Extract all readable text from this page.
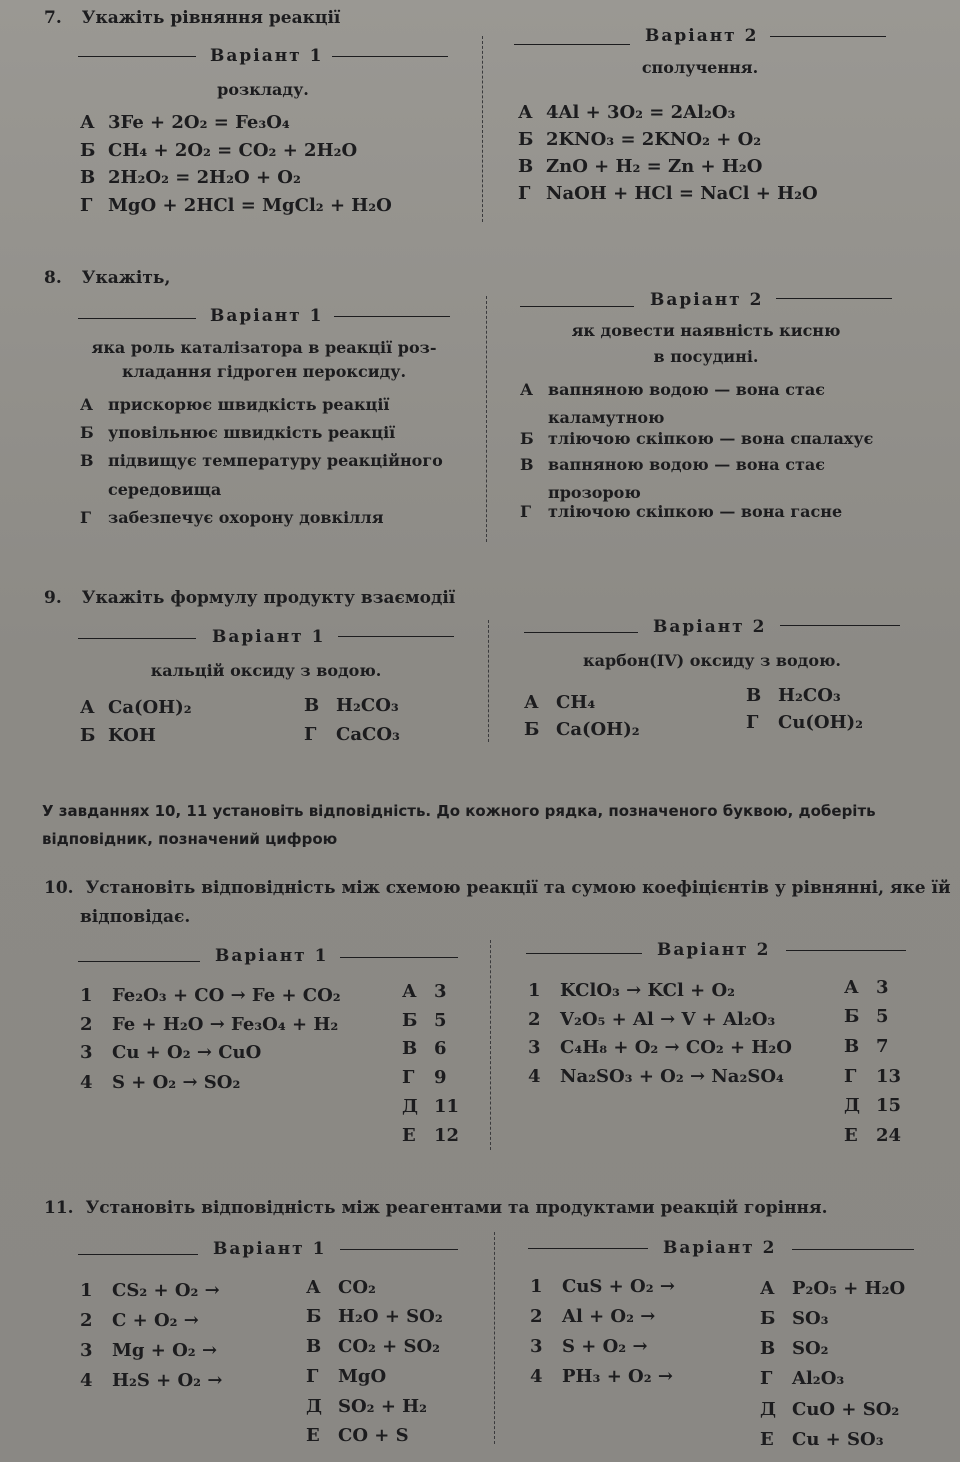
7. Укажіть рівняння реакції
Варіант 1
розкладу.
А 3Fe + 2O₂ = Fe₃O₄
Б CH₄ + 2O₂ = CO₂ + 2H₂O
В 2H₂O₂ = 2H₂O + O₂
Г MgO + 2HCl = MgCl₂ + H₂O
Варіант 2
сполучення.
А 4Al + 3O₂ = 2Al₂O₃
Б 2KNO₃ = 2KNO₂ + O₂
В ZnO + H₂ = Zn + H₂O
Г NaOH + HCl = NaCl + H₂O
8. Укажіть,
Варіант 1
яка роль каталізатора в реакції роз-
кладання гідроген пероксиду.
А прискорює швидкість реакції
Б уповільнює швидкість реакції
В підвищує температуру реакційного
середовища
Г забезпечує охорону довкілля
Варіант 2
як довести наявність кисню
в посудині.
А вапняною водою — вона стає
каламутною
Б тліючою скіпкою — вона спалахує
В вапняною водою — вона стає
прозорою
Г тліючою скіпкою — вона гасне
9. Укажіть формулу продукту взаємодії
Варіант 1
кальцій оксиду з водою.
А Ca(OH)₂	В H₂CO₃
Б KOH	Г CaCO₃
Варіант 2
карбон(IV) оксиду з водою.
А CH₄	В H₂CO₃
Б Ca(OH)₂	Г Cu(OH)₂
У завданнях 10, 11 установіть відповідність. До кожного рядка, позначеного буквою, доберіть
відповідник, позначений цифрою
10. Установіть відповідність між схемою реакції та сумою коефіцієнтів у рівнянні, яке їй
відповідає.
Варіант 1
1 Fe₂O₃ + CO → Fe + CO₂
2 Fe + H₂O → Fe₃O₄ + H₂
3 Cu + O₂ → CuO
4 S + O₂ → SO₂
А 3
Б 5
В 6
Г 9
Д 11
Е 12
Варіант 2
1 KClO₃ → KCl + O₂
2 V₂O₅ + Al → V + Al₂O₃
3 C₄H₈ + O₂ → CO₂ + H₂O
4 Na₂SO₃ + O₂ → Na₂SO₄
А 3
Б 5
В 7
Г 13
Д 15
Е 24
11. Установіть відповідність між реагентами та продуктами реакцій горіння.
Варіант 1
1 CS₂ + O₂ →
2 C + O₂ →
3 Mg + O₂ →
4 H₂S + O₂ →
А CO₂
Б H₂O + SO₂
В CO₂ + SO₂
Г MgO
Д SO₂ + H₂
Е CO + S
Варіант 2
1 CuS + O₂ →
2 Al + O₂ →
3 S + O₂ →
4 PH₃ + O₂ →
А P₂O₅ + H₂O
Б SO₃
В SO₂
Г Al₂O₃
Д CuO + SO₂
Е Cu + SO₃
